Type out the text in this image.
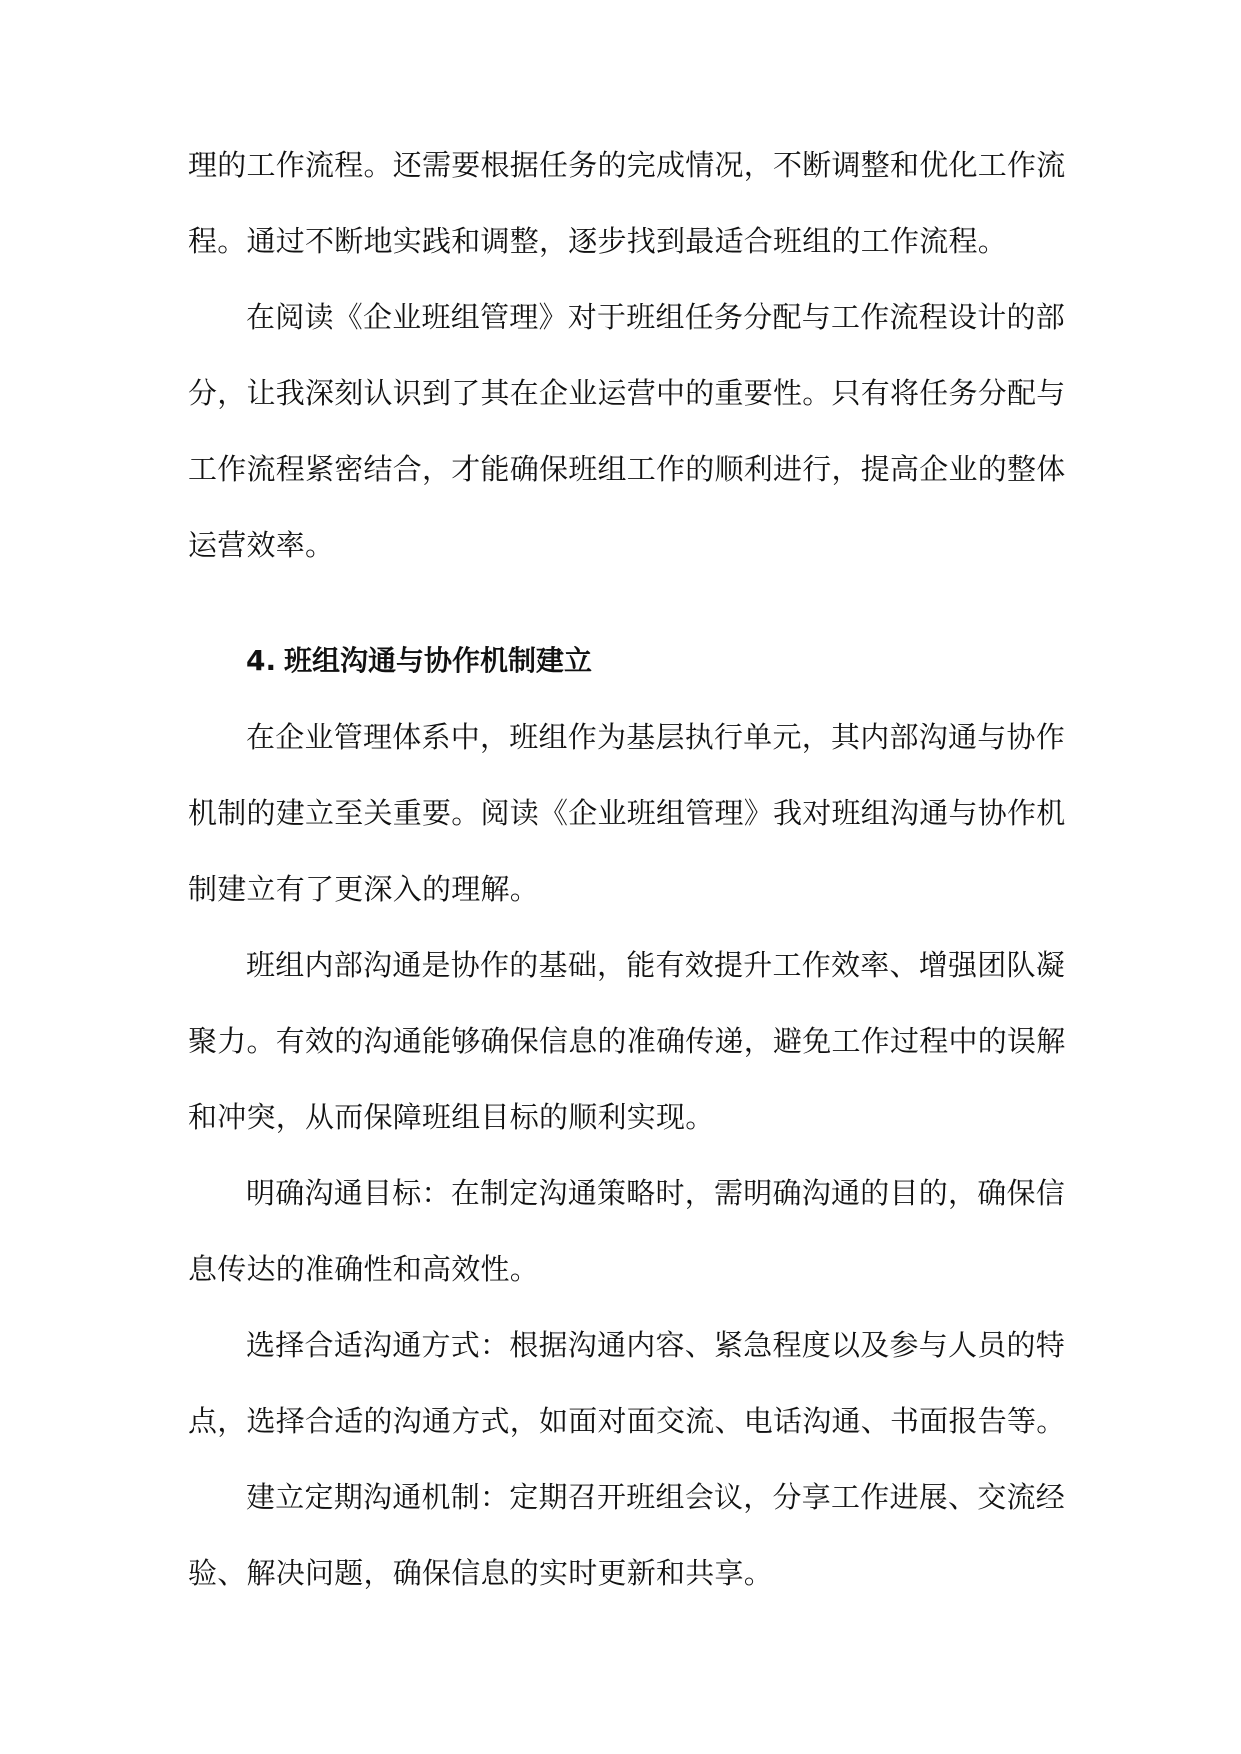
理的工作流程。还需要根据任务的完成情况，不断调整和优化工作流
程。通过不断地实践和调整，逐步找到最适合班组的工作流程。
在阅读《企业班组管理》对于班组任务分配与工作流程设计的部
分，让我深刻认识到了其在企业运营中的重要性。只有将任务分配与
工作流程紧密结合，才能确保班组工作的顺利进行，提高企业的整体
运营效率。
4. 班组沟通与协作机制建立
在企业管理体系中，班组作为基层执行单元，其内部沟通与协作
机制的建立至关重要。阅读《企业班组管理》我对班组沟通与协作机
制建立有了更深入的理解。
班组内部沟通是协作的基础，能有效提升工作效率、增强团队凝
聚力。有效的沟通能够确保信息的准确传递，避免工作过程中的误解
和冲突，从而保障班组目标的顺利实现。
明确沟通目标：在制定沟通策略时，需明确沟通的目的，确保信
息传达的准确性和高效性。
选择合适沟通方式：根据沟通内容、紧急程度以及参与人员的特
点，选择合适的沟通方式，如面对面交流、电话沟通、书面报告等。
建立定期沟通机制：定期召开班组会议，分享工作进展、交流经
验、解决问题，确保信息的实时更新和共享。
